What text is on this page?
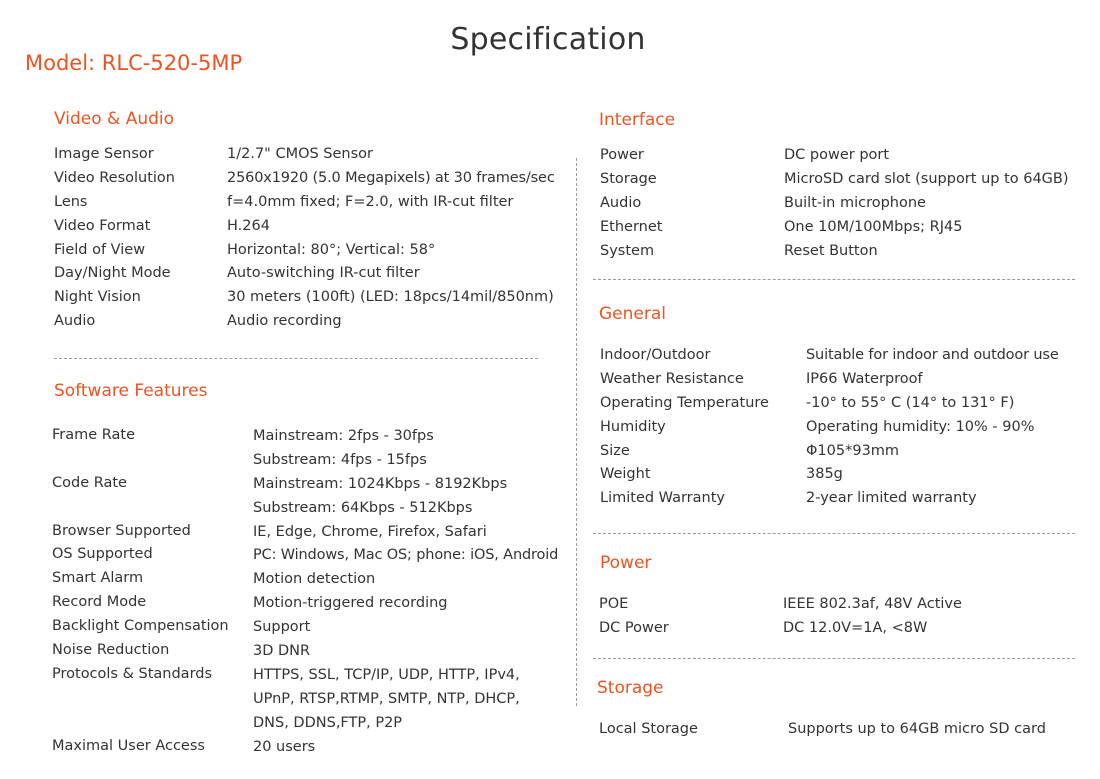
Specification
Model: RLC-520-5MP
Video & Audio
Image Sensor	1/2.7" CMOS Sensor
Video Resolution	2560x1920 (5.0 Megapixels) at 30 frames/sec
Lens	f=4.0mm fixed; F=2.0, with IR-cut filter
Video Format	H.264
Field of View	Horizontal: 80°; Vertical: 58°
Day/Night Mode	Auto-switching IR-cut filter
Night Vision	30 meters (100ft) (LED: 18pcs/14mil/850nm)
Audio	Audio recording
Software Features
Frame Rate	Mainstream: 2fps - 30fps
Substream: 4fps - 15fps
Code Rate	Mainstream: 1024Kbps - 8192Kbps
Substream: 64Kbps - 512Kbps
Browser Supported	IE, Edge, Chrome, Firefox, Safari
OS Supported	PC: Windows, Mac OS; phone: iOS, Android
Smart Alarm	Motion detection
Record Mode	Motion-triggered recording
Backlight Compensation	Support
Noise Reduction	3D DNR
Protocols & Standards	HTTPS, SSL, TCP/IP, UDP, HTTP, IPv4,
UPnP, RTSP,RTMP, SMTP, NTP, DHCP,
DNS, DDNS,FTP, P2P
Maximal User Access	20 users
Interface
Power	DC power port
Storage	MicroSD card slot (support up to 64GB)
Audio	Built-in microphone
Ethernet	One 10M/100Mbps; RJ45
System	Reset Button
General
Indoor/Outdoor	Suitable for indoor and outdoor use
Weather Resistance	IP66 Waterproof
Operating Temperature	-10° to 55° C (14° to 131° F)
Humidity	Operating humidity: 10% - 90%
Size	Φ105*93mm
Weight	385g
Limited Warranty	2-year limited warranty
Power
POE	IEEE 802.3af, 48V Active
DC Power	DC 12.0V=1A, <8W
Storage
Local Storage	Supports up to 64GB micro SD card
